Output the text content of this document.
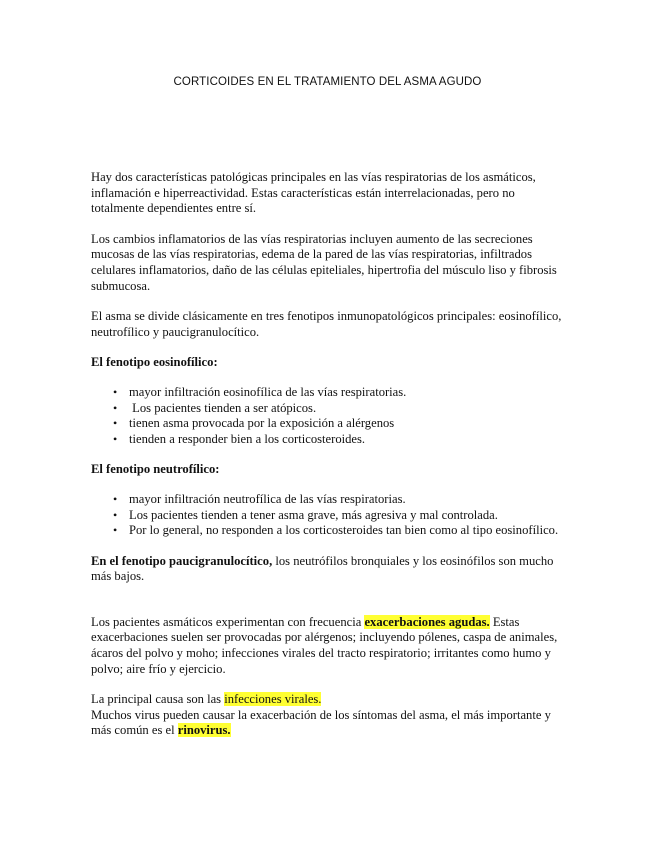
CORTICOIDES EN EL TRATAMIENTO DEL ASMA AGUDO

Hay dos características patológicas principales en las vías respiratorias de los asmáticos, inflamación e hiperreactividad. Estas características están interrelacionadas, pero no totalmente dependientes entre sí.

Los cambios inflamatorios de las vías respiratorias incluyen aumento de las secreciones mucosas de las vías respiratorias, edema de la pared de las vías respiratorias, infiltrados celulares inflamatorios, daño de las células epiteliales, hipertrofia del músculo liso y fibrosis submucosa.

El asma se divide clásicamente en tres fenotipos inmunopatológicos principales: eosinofílico, neutrofílico y paucigranulocítico.

El fenotipo eosinofílico:

• mayor infiltración eosinofílica de las vías respiratorias.
• Los pacientes tienden a ser atópicos.
• tienen asma provocada por la exposición a alérgenos
• tienden a responder bien a los corticosteroides.

El fenotipo neutrofílico:

• mayor infiltración neutrofílica de las vías respiratorias.
• Los pacientes tienden a tener asma grave, más agresiva y mal controlada.
• Por lo general, no responden a los corticosteroides tan bien como al tipo eosinofílico.

En el fenotipo paucigranulocítico, los neutrófilos bronquiales y los eosinófilos son mucho más bajos.

Los pacientes asmáticos experimentan con frecuencia exacerbaciones agudas. Estas exacerbaciones suelen ser provocadas por alérgenos; incluyendo pólenes, caspa de animales, ácaros del polvo y moho; infecciones virales del tracto respiratorio; irritantes como humo y polvo; aire frío y ejercicio.

La principal causa son las infecciones virales.

Muchos virus pueden causar la exacerbación de los síntomas del asma, el más importante y más común es el rinovirus.
